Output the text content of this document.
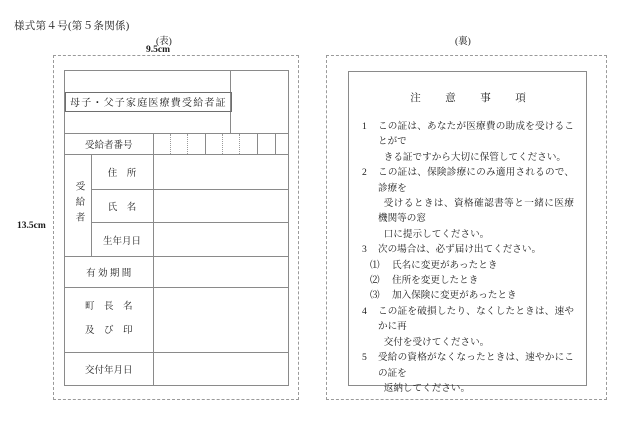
様式第４号(第５条関係)
(表)	(裏)
9.5cm
13.5cm
母子・父子家庭医療費受給者証			
受給者番号			

受給者	住　所		
	氏　名		
	生年月日		
有 効 期 間			

町　長　名
及　び　印			

交付年月日			
注　意　事　項
1	この証は、あなたが医療費の助成を受けることがで
きる証ですから大切に保管してください。
2	この証は、保険診療にのみ適用されるので、診療を
受けるときは、資格確認書等と一緒に医療機関等の窓
口に提示してください。
3	次の場合は、必ず届け出てください。
⑴	氏名に変更があったとき
⑵	住所を変更したとき
⑶	加入保険に変更があったとき
4	この証を破損したり、なくしたときは、速やかに再
交付を受けてください。
5	受給の資格がなくなったときは、速やかにこの証を
返納してください。
